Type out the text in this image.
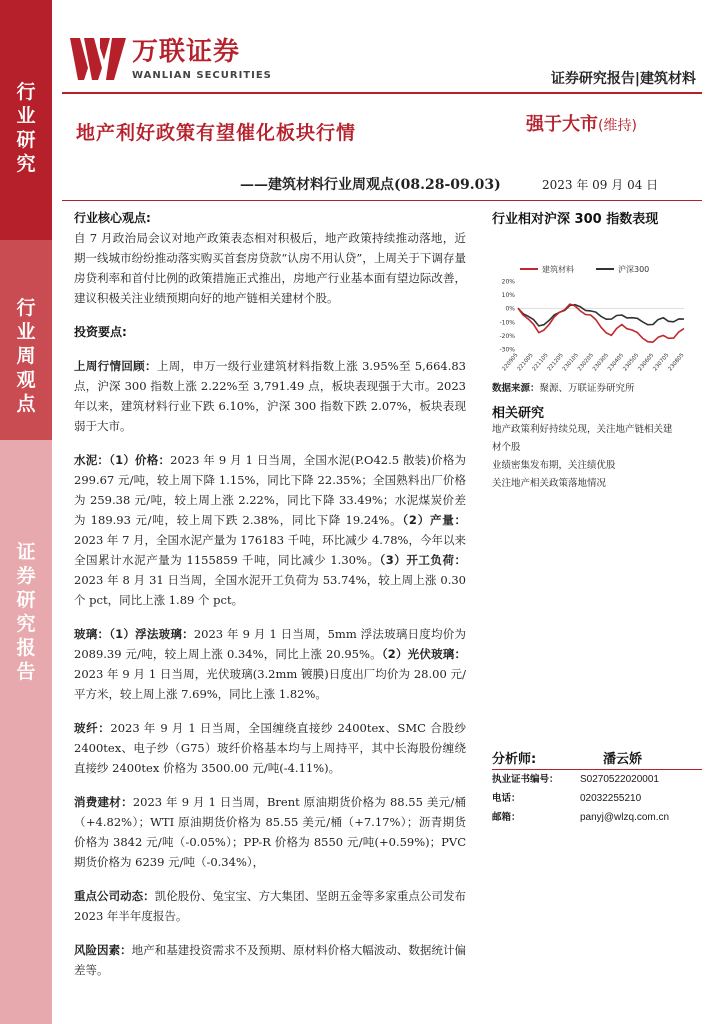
行
业
研
究
行
业
周
观
点
证
券
研
究
报
告
万联证券
WANLIAN SECURITIES	证券研究报告|建筑材料
地产利好政策有望催化板块行情	强于大市(维持)
——建筑材料行业周观点(08.28-09.03)	2023 年 09 月 04 日
行业核心观点:
自 7 月政治局会议对地产政策表态相对积极后，地产政策持续推动落地，近期一线城市纷纷推动落实购买首套房贷款“认房不用认贷”，上周关于下调存量房贷利率和首付比例的政策措施正式推出，房地产行业基本面有望边际改善，建议积极关注业绩预期向好的地产链相关建材个股。
投资要点:
上周行情回顾：上周，申万一级行业建筑材料指数上涨 3.95%至 5,664.83 点，沪深 300 指数上涨 2.22%至 3,791.49 点，板块表现强于大市。2023 年以来，建筑材料行业下跌 6.10%，沪深 300 指数下跌 2.07%，板块表现弱于大市。
水泥：（1）价格：2023 年 9 月 1 日当周，全国水泥(P.O42.5 散装)价格为 299.67 元/吨，较上周下降 1.15%，同比下降 22.35%；全国熟料出厂价格为 259.38 元/吨，较上周上涨 2.22%，同比下降 33.49%；水泥煤炭价差为 189.93 元/吨，较上周下跌 2.38%，同比下降 19.24%。（2）产量：2023 年 7 月，全国水泥产量为 176183 千吨，环比减少 4.78%，今年以来全国累计水泥产量为 1155859 千吨，同比减少 1.30%。（3）开工负荷：2023 年 8 月 31 日当周，全国水泥开工负荷为 53.74%，较上周上涨 0.30 个 pct，同比上涨 1.89 个 pct。
玻璃：（1）浮法玻璃：2023 年 9 月 1 日当周，5mm 浮法玻璃日度均价为 2089.39 元/吨，较上周上涨 0.34%，同比上涨 20.95%。（2）光伏玻璃：2023 年 9 月 1 日当周，光伏玻璃(3.2mm 镀膜)日度出厂均价为 28.00 元/平方米，较上周上涨 7.69%，同比上涨 1.82%。
玻纤：2023 年 9 月 1 日当周，全国缠绕直接纱 2400tex、SMC 合股纱 2400tex、电子纱（G75）玻纤价格基本均与上周持平，其中长海股份缠绕直接纱 2400tex 价格为 3500.00 元/吨(-4.11%)。
消费建材：2023 年 9 月 1 日当周，Brent 原油期货价格为 88.55 美元/桶（+4.82%）；WTI 原油期货价格为 85.55 美元/桶（+7.17%）；沥青期货价格为 3842 元/吨（-0.05%）；PP-R 价格为 8550 元/吨(+0.59%)；PVC 期货价格为 6239 元/吨（-0.34%），
重点公司动态：凯伦股份、兔宝宝、方大集团、坚朗五金等多家重点公司发布 2023 年半年度报告。
风险因素：地产和基建投资需求不及预期、原材料价格大幅波动、数据统计偏差等。
行业相对沪深 300 指数表现
建筑材料	沪深300
20%
10%
0%
-10%
-20%
-30%
220905
221005
221105
221205
230105
230205
230305
230405
230505
230605
230705
230805
数据来源：聚源、万联证券研究所
相关研究
地产政策利好持续兑现，关注地产链相关建
材个股
业绩密集发布期，关注绩优股
关注地产相关政策落地情况
分析师:	潘云娇
执业证书编号：	S0270522020001
电话：	02032255210
邮箱：	panyj@wlzq.com.cn
